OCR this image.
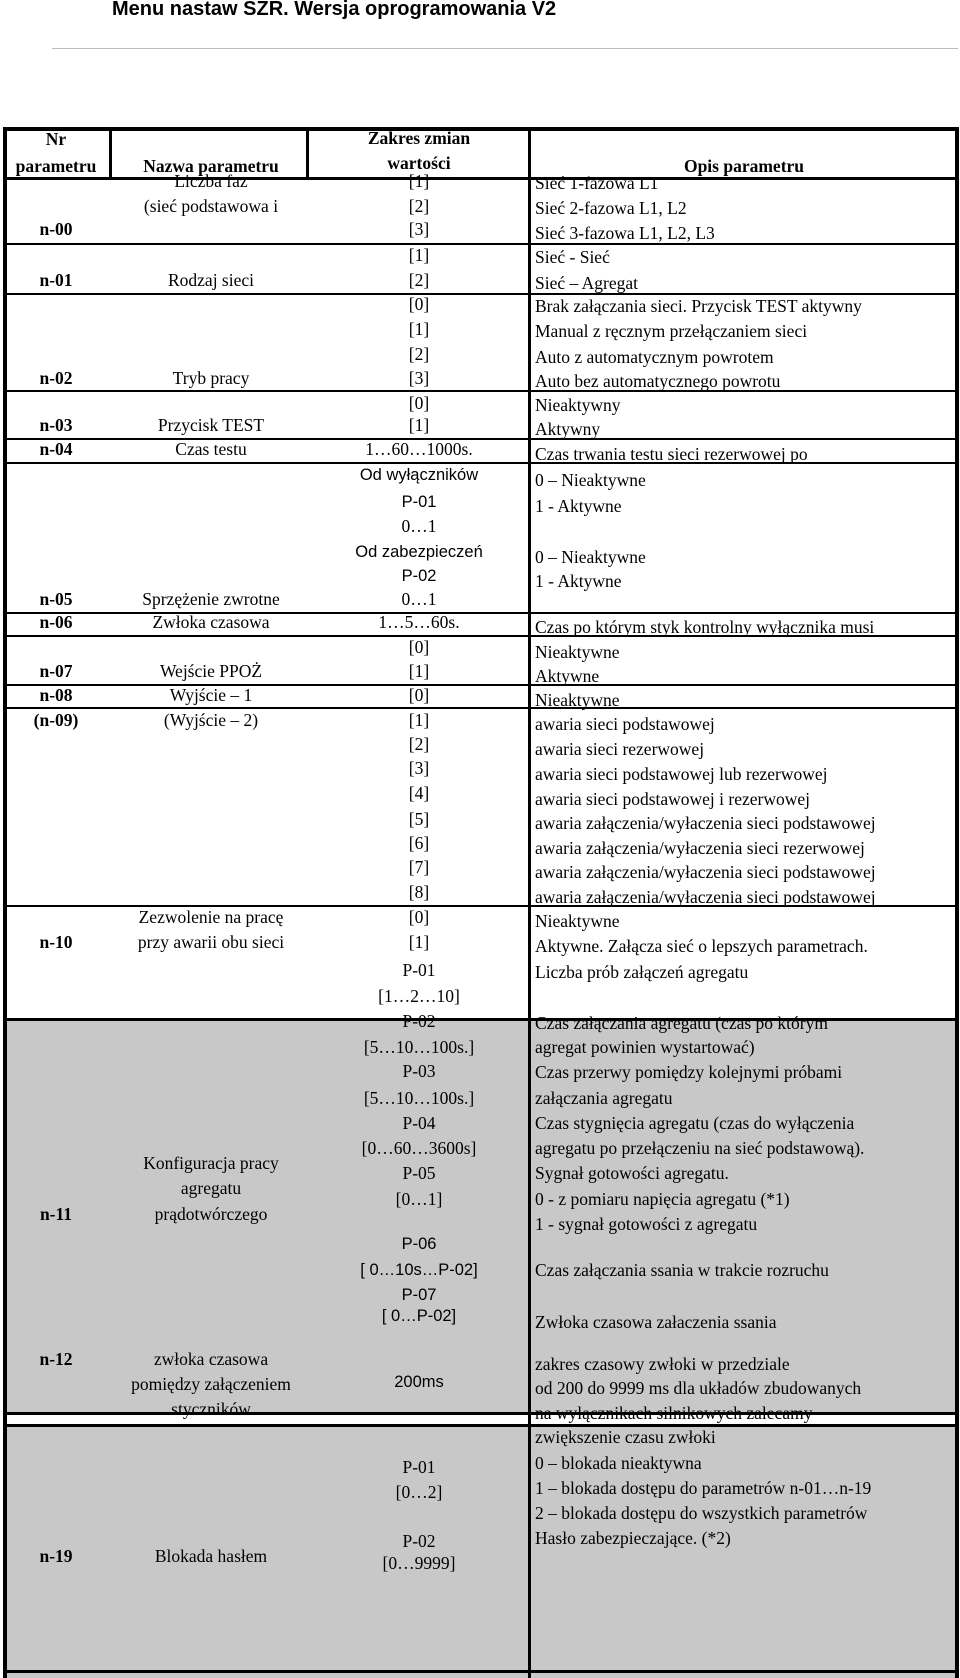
Menu nastaw SZR. Wersja oprogramowania V2
Nr
parametru	Nazwa parametru
Zakres zmian
wartości	Opis parametru
n-00
n-01
n-02
n-03
n-04
n-05
n-06
n-07
n-08
(n-09)
n-10
n-11
n-12
n-19
Liczba faz
(sieć podstawowa i
Rodzaj sieci
Tryb pracy
Przycisk TEST
Czas testu
Sprzężenie zwrotne
Zwłoka czasowa
Wejście PPOŻ
Wyjście – 1
(Wyjście – 2)
Zezwolenie na pracę
przy awarii obu sieci
Konfiguracja pracy
agregatu
prądotwórczego
zwłoka czasowa
pomiędzy załączeniem
styczników
Blokada hasłem
[1]
[2]
[3]
[1]
[2]
[0]
[1]
[2]
[3]
[0]
[1]
1…60…1000s.
Od wyłączników
P-01
0…1
Od zabezpieczeń
P-02
0…1
1…5…60s.
[0]
[1]
[0]
[1]
[2]
[3]
[4]
[5]
[6]
[7]
[8]
[0]
[1]
P-01
[1…2…10]
P-02
[5…10…100s.]
P-03
[5…10…100s.]
P-04
[0…60…3600s]
P-05
[0…1]
P-06
[ 0…10s…P-02]
P-07
[ 0…P-02]
200ms
P-01
[0…2]
P-02
[0…9999]
Sieć 1-fazowa L1
Sieć 2-fazowa L1, L2
Sieć 3-fazowa L1, L2, L3
Sieć - Sieć
Sieć – Agregat
Brak załączania sieci. Przycisk TEST aktywny
Manual z ręcznym przełączaniem sieci
Auto z automatycznym powrotem
Auto bez automatycznego powrotu
Nieaktywny
Aktywny
Czas trwania testu sieci rezerwowej po
0 – Nieaktywne
1 - Aktywne
0 – Nieaktywne
1 - Aktywne
Czas po którym styk kontrolny wyłącznika musi
Nieaktywne
Aktywne
Nieaktywne
awaria sieci podstawowej
awaria sieci rezerwowej
awaria sieci podstawowej lub rezerwowej
awaria sieci podstawowej i rezerwowej
awaria załączenia/wyłaczenia sieci podstawowej
awaria załączenia/wyłaczenia sieci rezerwowej
awaria załączenia/wyłaczenia sieci podstawowej
awaria załączenia/wyłaczenia sieci podstawowej
Nieaktywne
Aktywne. Załącza sieć o lepszych parametrach.
Liczba prób załączeń agregatu
Czas załączania agregatu (czas po którym
agregat powinien wystartować)
Czas przerwy pomiędzy kolejnymi próbami
załączania agregatu
Czas stygnięcia agregatu (czas do wyłączenia
agregatu po przełączeniu na sieć podstawową).
Sygnał gotowości agregatu.
0 - z pomiaru napięcia agregatu (*1)
1 - sygnał gotowości z agregatu
Czas załączania ssania w trakcie rozruchu
Zwłoka czasowa załaczenia ssania
zakres czasowy zwłoki w przedziale
od 200 do 9999 ms dla układów zbudowanych
na wyłącznikach silnikowych zalecamy
zwiększenie czasu zwłoki
0 – blokada nieaktywna
1 – blokada dostępu do parametrów n-01…n-19
2 – blokada dostępu do wszystkich parametrów
Hasło zabezpieczające. (*2)
